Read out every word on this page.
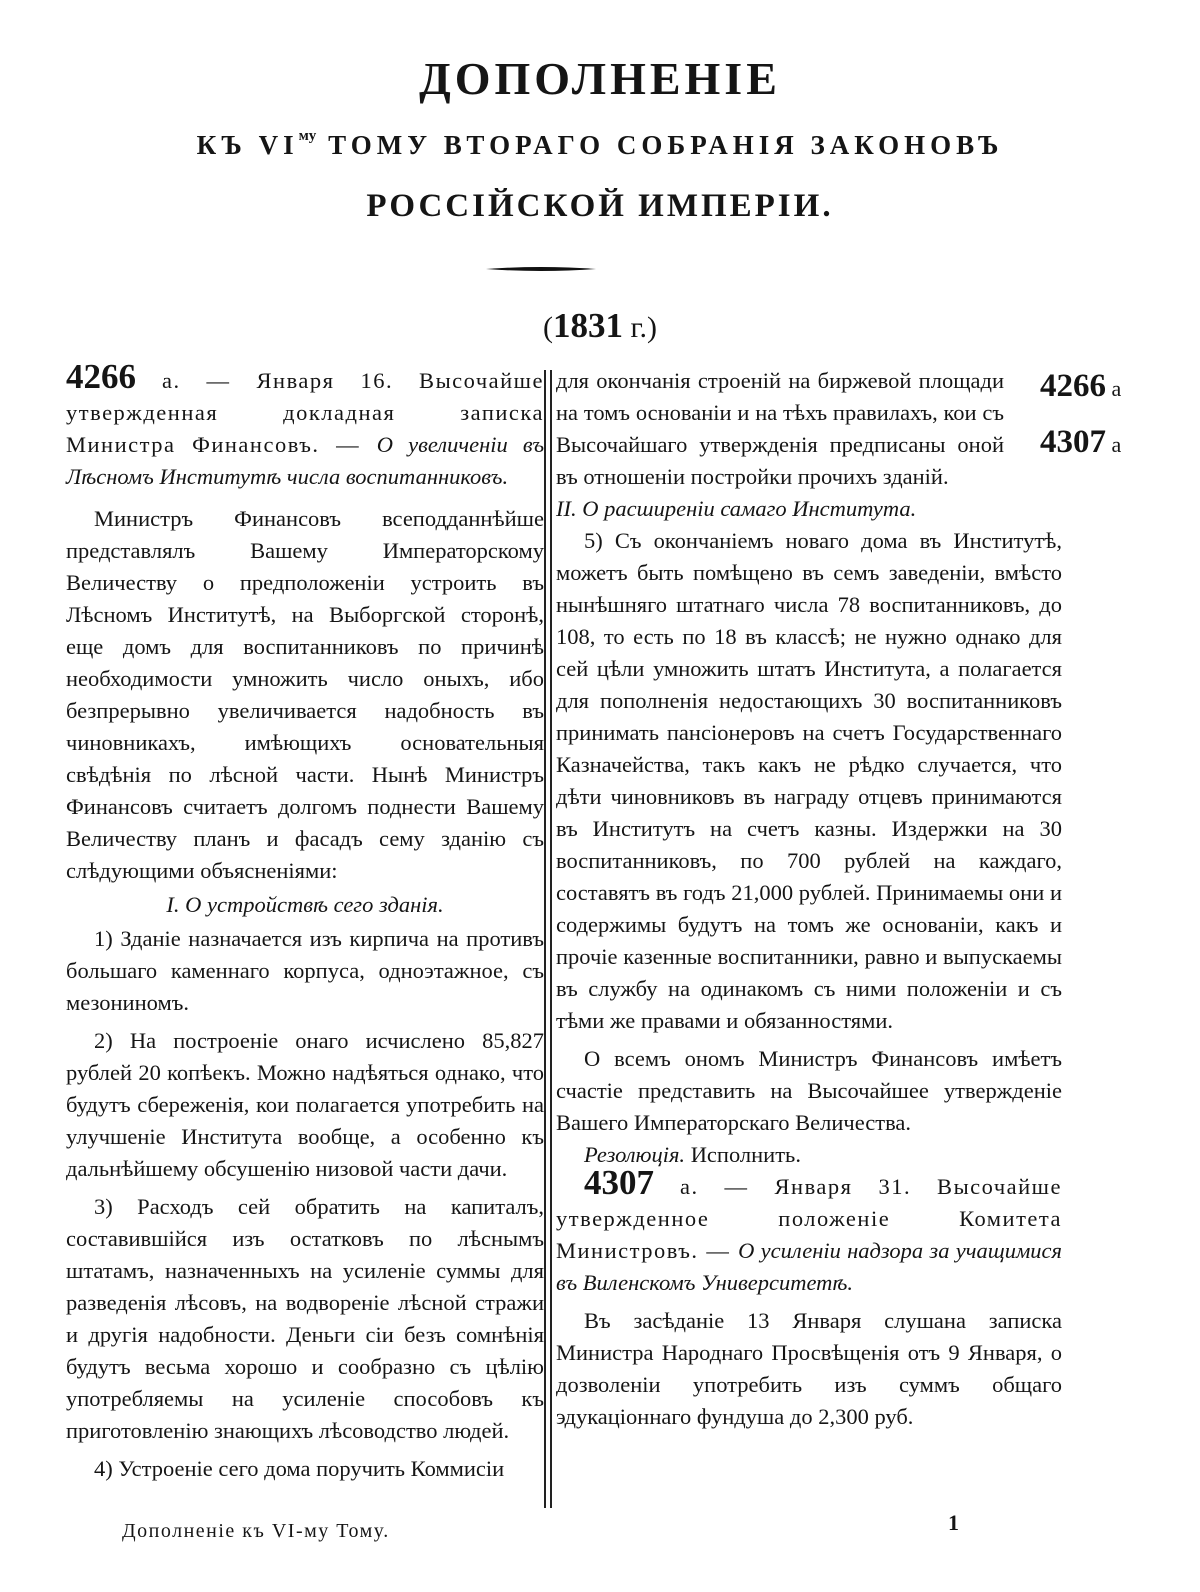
ДОПОЛНЕНІЕ
КЪ $VI^{му}$ ТОМУ ВТОРАГО СОБРАНІЯ ЗАКОНОВЪ
РОССІЙСКОЙ ИМПЕРІИ.
(1831 г.)
4266 а
4307 а

4266 а. — Января 16. Высочайше утвержденная докладная записка Министра Финансовъ. — О увеличеніи въ Лѣсномъ Институтѣ числа воспитанниковъ.

Министръ Финансовъ всеподданнѣйше представлялъ Вашему Императорскому Величеству о предположеніи устроить въ Лѣсномъ Институтѣ, на Выборгской сторонѣ, еще домъ для воспитанниковъ по причинѣ необходимости умножить число оныхъ, ибо безпрерывно увеличивается надобность въ чиновникахъ, имѣющихъ основательныя свѣдѣнія по лѣсной части. Нынѣ Министръ Финансовъ считаетъ долгомъ поднести Вашему Величеству планъ и фасадъ сему зданію съ слѣдующими объясненіями:

I. О устройствѣ сего зданія.

1) Зданіе назначается изъ кирпича на противъ большаго каменнаго корпуса, одноэтажное, съ мезониномъ.

2) На построеніе онаго исчислено 85,827 рублей 20 копѣекъ. Можно надѣяться однако, что будутъ сбереженія, кои полагается употребить на улучшеніе Института вообще, а особенно къ дальнѣйшему обсушенію низовой части дачи.

3) Расходъ сей обратить на капиталъ, составившійся изъ остатковъ по лѣснымъ штатамъ, назначенныхъ на усиленіе суммы для разведенія лѣсовъ, на водвореніе лѣсной стражи и другія надобности. Деньги сіи безъ сомнѣнія будутъ весьма хорошо и сообразно съ цѣлію употребляемы на усиленіе способовъ къ приготовленію знающихъ лѣсоводство людей.

4) Устроеніе сего дома поручить Коммисіи

для окончанія строеній на биржевой площади на томъ основаніи и на тѣхъ правилахъ, кои съ Высочайшаго утвержденія предписаны оной въ отношеніи постройки прочихъ зданій.

II. О расширеніи самаго Института.

5) Съ окончаніемъ новаго дома въ Институтѣ, можетъ быть помѣщено въ семъ заведеніи, вмѣсто нынѣшняго штатнаго числа 78 воспитанниковъ, до 108, то есть по 18 въ классѣ; не нужно однако для сей цѣли умножить штатъ Института, а полагается для пополненія недостающихъ 30 воспитанниковъ принимать пансіонеровъ на счетъ Государственнаго Казначейства, такъ какъ не рѣдко случается, что дѣти чиновниковъ въ награду отцевъ принимаются въ Институтъ на счетъ казны. Издержки на 30 воспитанниковъ, по 700 рублей на каждаго, составятъ въ годъ 21,000 рублей. Принимаемы они и содержимы будутъ на томъ же основаніи, какъ и прочіе казенные воспитанники, равно и выпускаемы въ службу на одинакомъ съ ними положеніи и съ тѣми же правами и обязанностями.

О всемъ ономъ Министръ Финансовъ имѣетъ счастіе представить на Высочайшее утвержденіе Вашего Императорскаго Величества.

Резолюція. Исполнить.

4307 а. — Января 31. Высочайше утвержденное положеніе Комитета Министровъ. — О усиленіи надзора за учащимися въ Виленскомъ Университетѣ.

Въ засѣданіе 13 Января слушана записка Министра Народнаго Просвѣщенія отъ 9 Января, о дозволеніи употребить изъ суммъ общаго эдукаціоннаго фундуша до 2,300 руб.

Дополненіе къ VI-му Тому.	1
